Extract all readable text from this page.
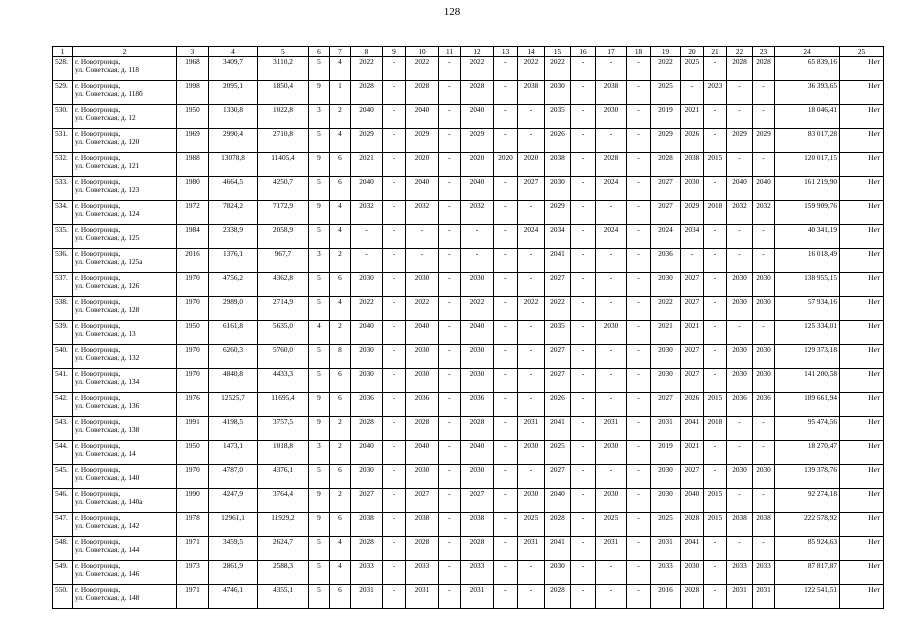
128
1	2	3	4	5	6	7	8	9	10	11	12	13	14	15	16	17	18	19	20	21	22	23	24	25
528.	г. Новотроицк,
ул. Советская, д. 118	1968	3409,7	3110,2	5	4	2022	-	2022	-	2022	-	2022	2022	-	-	-	2022	2025	-	2028	2028	65 839,16	Нет
529.	г. Новотроицк,
ул. Советская, д. 118б	1998	2095,1	1850,4	9	1	2028	-	2028	-	2028	-	2038	2030	-	2038	-	2025	-	2023	-	-	36 393,65	Нет
530.	г. Новотроицк,
ул. Советская, д. 12	1950	1330,8	1022,8	3	2	2040	-	2040	-	2040	-	-	2035	-	2030	-	2019	2021	-	-	-	18 046,41	Нет
531.	г. Новотроицк,
ул. Советская, д. 120	1969	2990,4	2710,8	5	4	2029	-	2029	-	2029	-	-	2026	-	-	-	2029	2026	-	2029	2029	83 017,28	Нет
532.	г. Новотроицк,
ул. Советская, д. 121	1988	13078,8	11405,4	9	6	2021	-	2020	-	2020	2020	2020	2038	-	2028	-	2028	2038	2015	-	-	120 017,15	Нет
533.	г. Новотроицк,
ул. Советская, д. 123	1980	4664,5	4250,7	5	6	2040	-	2040	-	2040	-	2027	2030	-	2024	-	2027	2030	-	2040	2040	161 219,90	Нет
534.	г. Новотроицк,
ул. Советская, д. 124	1972	7824,2	7172,9	9	4	2032	-	2032	-	2032	-	-	2029	-	-	-	2027	2029	2018	2032	2032	159 909,76	Нет
535.	г. Новотроицк,
ул. Советская, д. 125	1984	2338,9	2058,9	5	4	-	-	-	-	-	-	2024	2034	-	2024	-	2024	2034	-	-	-	40 341,19	Нет
536.	г. Новотроицк,
ул. Советская, д. 125а	2016	1376,1	967,7	3	2	-	-	-	-	-	-	-	2041	-	-	-	2036	-	-	-	-	16 018,49	Нет
537.	г. Новотроицк,
ул. Советская, д. 126	1970	4756,2	4362,8	5	6	2030	-	2030	-	2030	-	-	2027	-	-	-	2030	2027	-	2030	2030	138 955,15	Нет
538.	г. Новотроицк,
ул. Советская, д. 128	1970	2989,0	2714,9	5	4	2022	-	2022	-	2022	-	2022	2022	-	-	-	2022	2027	-	2030	2030	57 934,16	Нет
539.	г. Новотроицк,
ул. Советская, д. 13	1950	6161,8	5635,0	4	2	2040	-	2040	-	2040	-	-	2035	-	2030	-	2021	2021	-	-	-	125 334,01	Нет
540.	г. Новотроицк,
ул. Советская, д. 132	1970	6260,3	5760,0	5	8	2030	-	2030	-	2030	-	-	2027	-	-	-	2030	2027	-	2030	2030	129 373,18	Нет
541.	г. Новотроицк,
ул. Советская, д. 134	1970	4840,8	4433,3	5	6	2030	-	2030	-	2030	-	-	2027	-	-	-	2030	2027	-	2030	2030	141 200,58	Нет
542.	г. Новотроицк,
ул. Советская, д. 136	1976	12525,7	11695,4	9	6	2036	-	2036	-	2036	-	-	2026	-	-	-	2027	2026	2015	2036	2036	189 661,94	Нет
543.	г. Новотроицк,
ул. Советская, д. 138	1991	4198,5	3757,5	9	2	2028	-	2028	-	2028	-	2031	2041	-	2031	-	2031	2041	2018	-	-	95 474,56	Нет
544.	г. Новотроицк,
ул. Советская, д. 14	1950	1473,1	1018,8	3	2	2040	-	2040	-	2040	-	2030	2025	-	2030	-	2019	2021	-	-	-	18 270,47	Нет
545.	г. Новотроицк,
ул. Советская, д. 140	1970	4787,0	4376,1	5	6	2030	-	2030	-	2030	-	-	2027	-	-	-	2030	2027	-	2030	2030	139 378,76	Нет
546.	г. Новотроицк,
ул. Советская, д. 140а	1990	4247,9	3764,4	9	2	2027	-	2027	-	2027	-	2030	2040	-	2030	-	2030	2040	2015	-	-	92 274,18	Нет
547.	г. Новотроицк,
ул. Советская, д. 142	1978	12961,1	11929,2	9	6	2038	-	2038	-	2038	-	2025	2028	-	2025	-	2025	2028	2015	2038	2038	222 578,92	Нет
548.	г. Новотроицк,
ул. Советская, д. 144	1971	3459,5	2624,7	5	4	2028	-	2028	-	2028	-	2031	2041	-	2031	-	2031	2041	-	-	-	85 924,63	Нет
549.	г. Новотроицк,
ул. Советская, д. 146	1973	2861,9	2588,3	5	4	2033	-	2033	-	2033	-	-	2030	-	-	-	2033	2030	-	2033	2033	87 817,87	Нет
550.	г. Новотроицк,
ул. Советская, д. 148	1971	4746,1	4355,1	5	6	2031	-	2031	-	2031	-	-	2028	-	-	-	2016	2028	-	2031	2031	122 541,51	Нет
